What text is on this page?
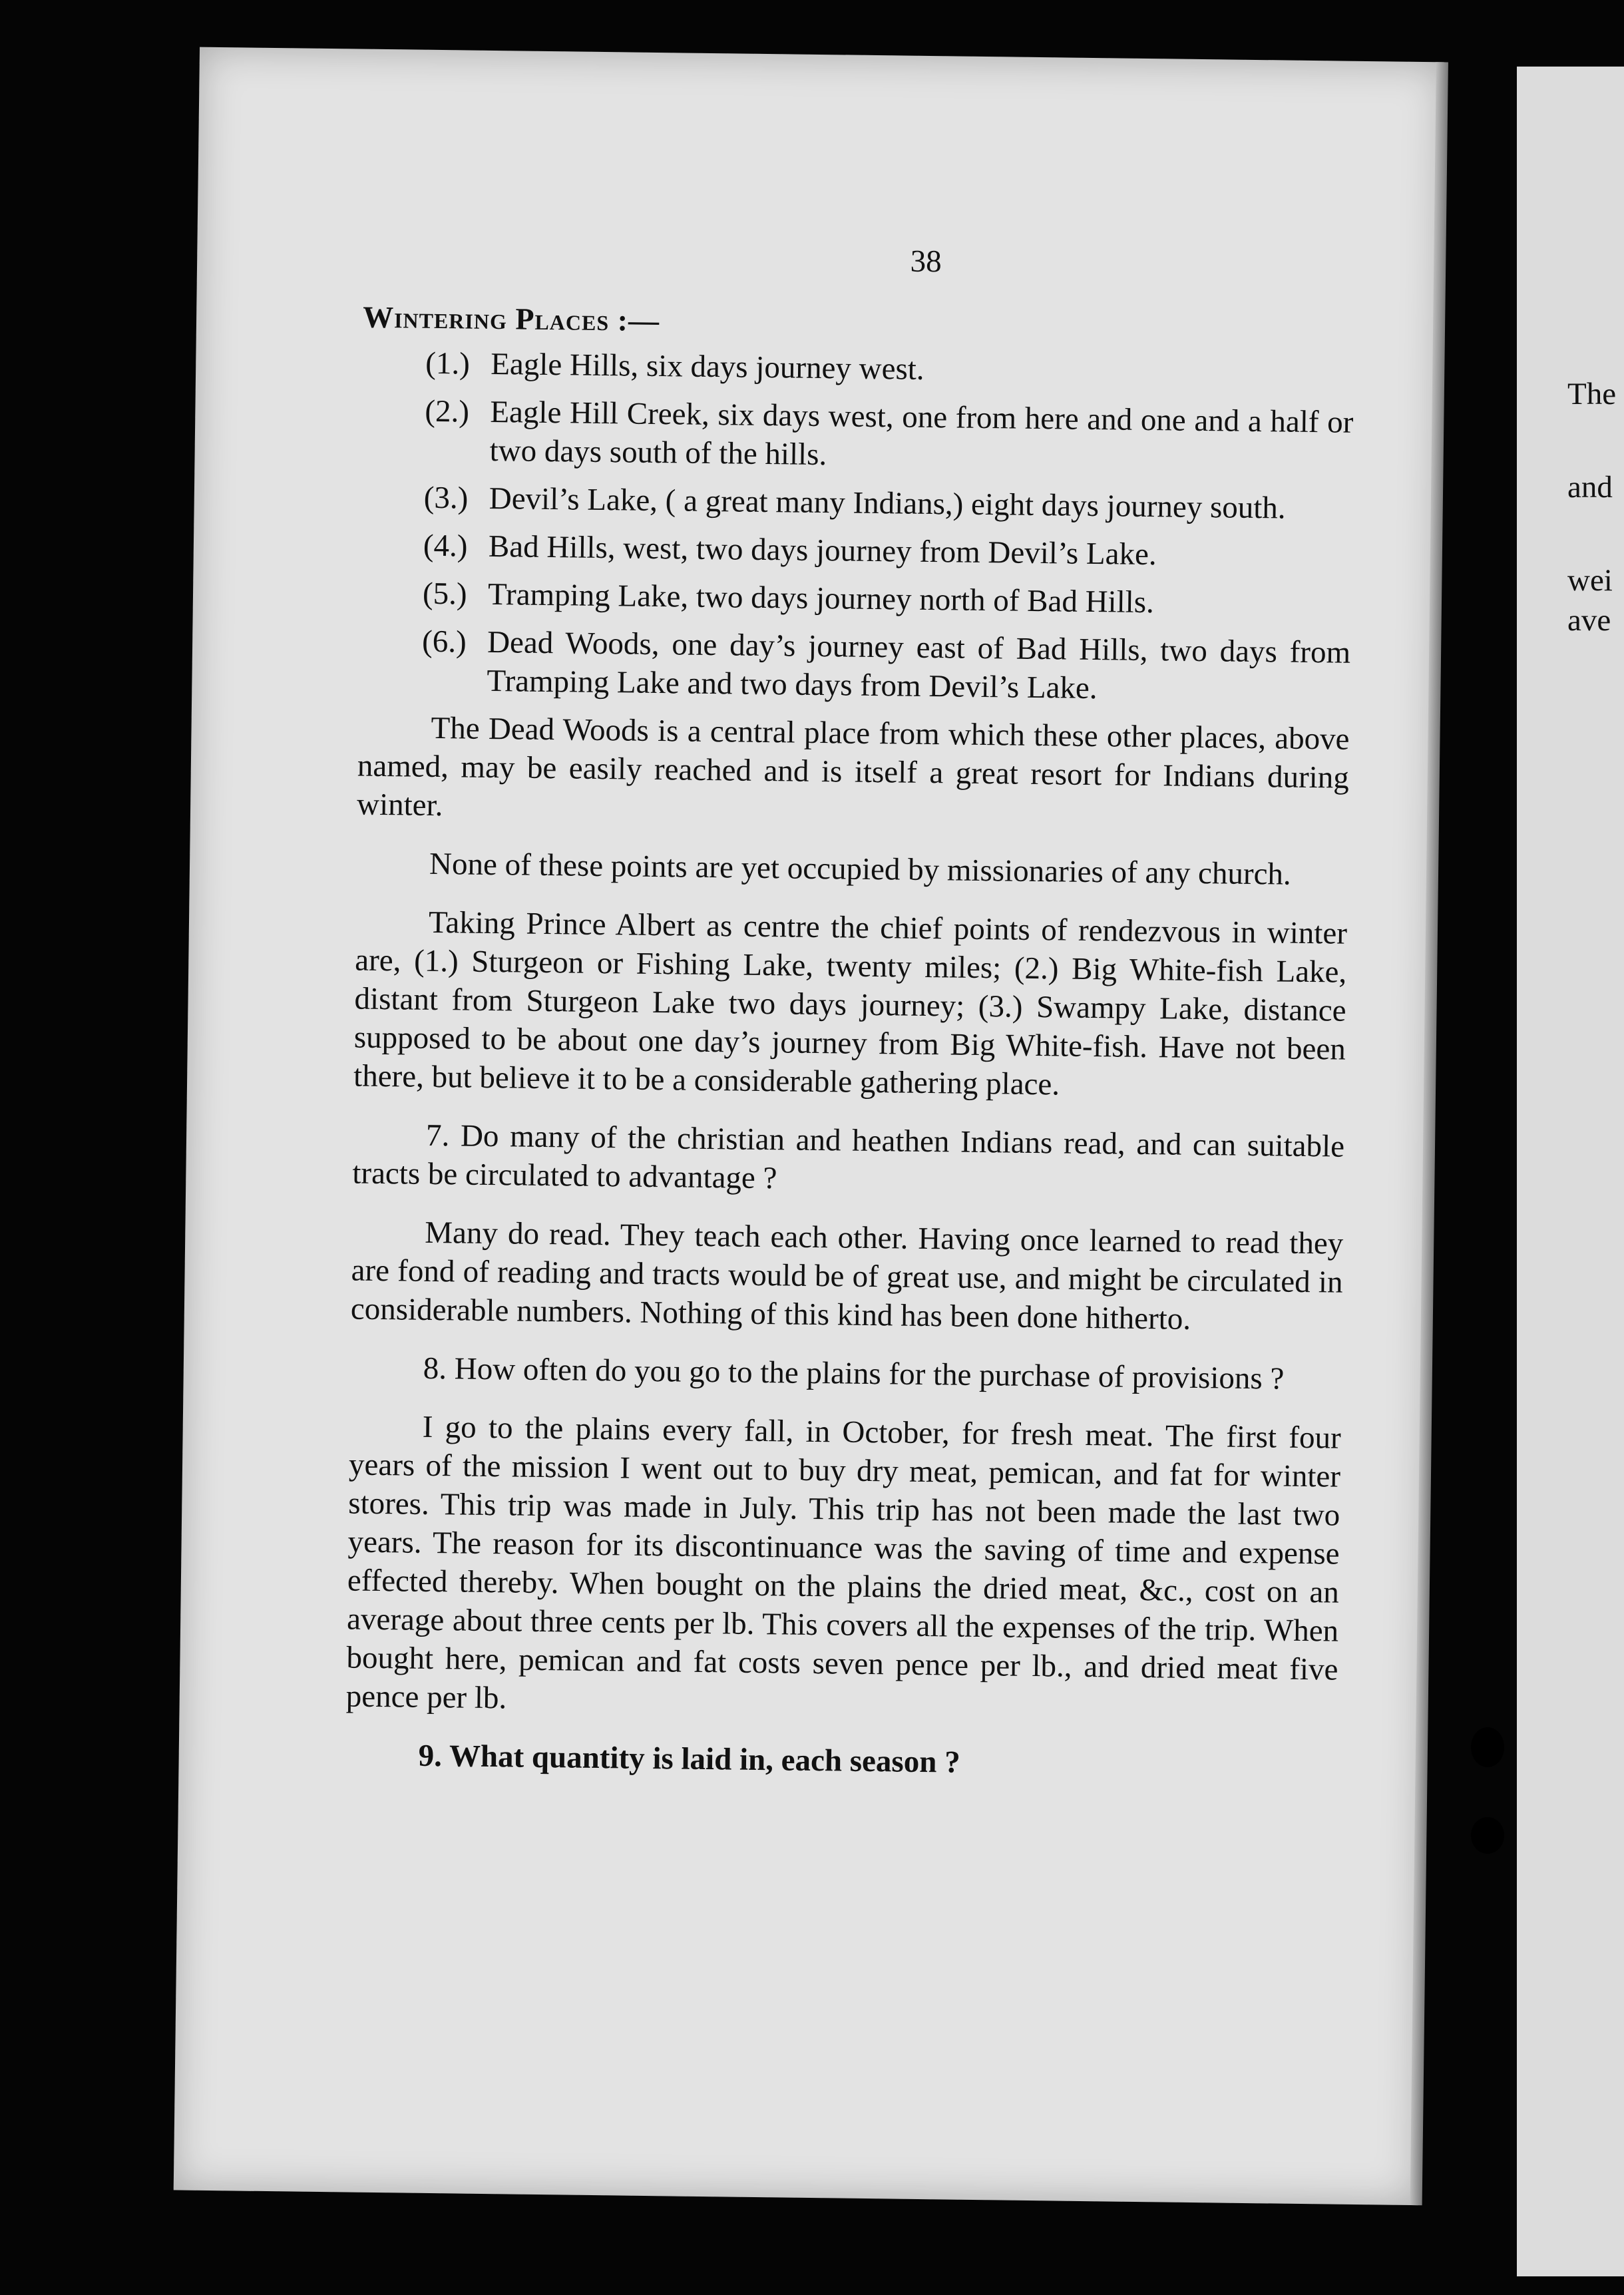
38
Wintering Places :—
(1.) Eagle Hills, six days journey west.
(2.) Eagle Hill Creek, six days west, one from here and one and a half or two days south of the hills.
(3.) Devil’s Lake, ( a great many Indians,) eight days journey south.
(4.) Bad Hills, west, two days journey from Devil’s Lake.
(5.) Tramping Lake, two days journey north of Bad Hills.
(6.) Dead Woods, one day’s journey east of Bad Hills, two days from Tramping Lake and two days from Devil’s Lake.

The Dead Woods is a central place from which these other places, above named, may be easily reached and is itself a great resort for Indians during winter.

None of these points are yet occupied by missionaries of any church.

Taking Prince Albert as centre the chief points of rendezvous in winter are, (1.) Sturgeon or Fishing Lake, twenty miles; (2.) Big White-fish Lake, distant from Sturgeon Lake two days journey; (3.) Swampy Lake, distance supposed to be about one day’s journey from Big White-fish. Have not been there, but believe it to be a considerable gathering place.

7. Do many of the christian and heathen Indians read, and can suitable tracts be circulated to advantage ?

Many do read. They teach each other. Having once learned to read they are fond of reading and tracts would be of great use, and might be circulated in considerable numbers. Nothing of this kind has been done hitherto.

8. How often do you go to the plains for the purchase of provisions ?

I go to the plains every fall, in October, for fresh meat. The first four years of the mission I went out to buy dry meat, pemican, and fat for winter stores. This trip was made in July. This trip has not been made the last two years. The reason for its discontinuance was the saving of time and expense effected thereby. When bought on the plains the dried meat, &c., cost on an average about three cents per lb. This covers all the expenses of the trip. When bought here, pemican and fat costs seven pence per lb., and dried meat five pence per lb.

9. What quantity is laid in, each season ?

The
and
wei
ave
